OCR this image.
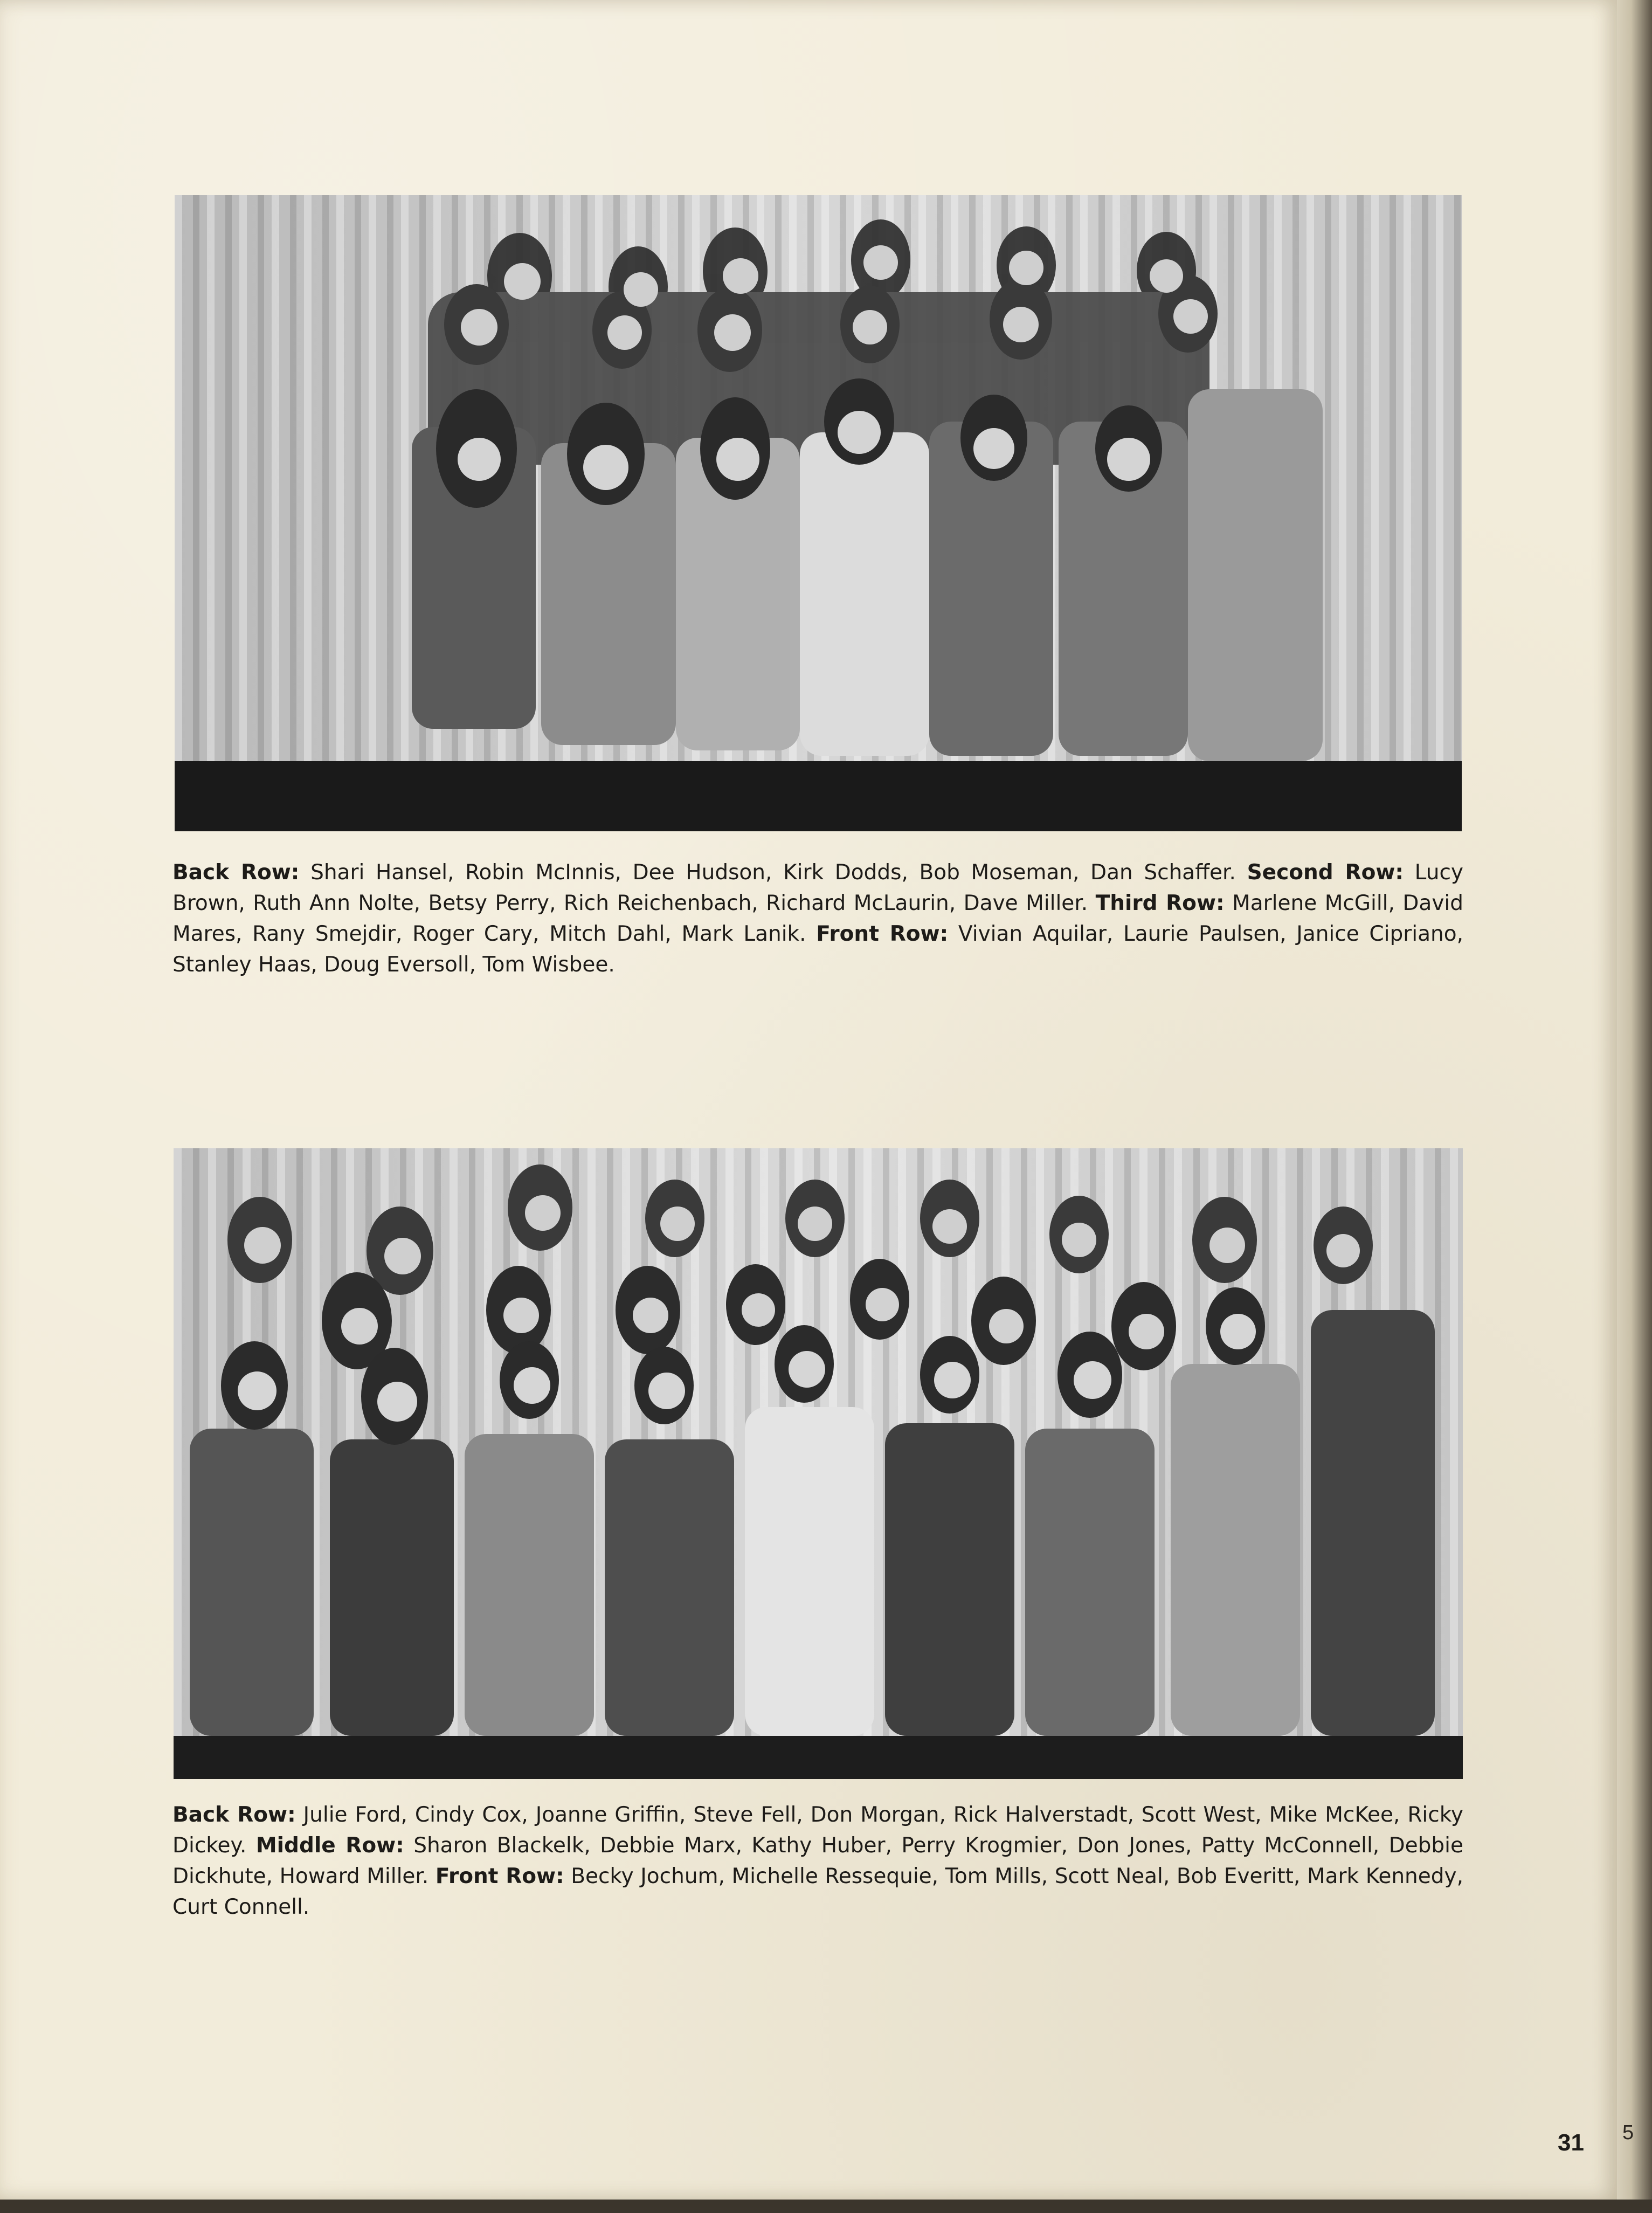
Back Row: Shari Hansel, Robin McInnis, Dee Hudson, Kirk Dodds, Bob Moseman, Dan Schaffer. Second Row: Lucy Brown, Ruth Ann Nolte, Betsy Perry, Rich Reichenbach, Richard McLaurin, Dave Miller. Third Row: Marlene McGill, David Mares, Rany Smejdir, Roger Cary, Mitch Dahl, Mark Lanik. Front Row: Vivian Aquilar, Laurie Paulsen, Janice Cipriano, Stanley Haas, Doug Eversoll, Tom Wisbee.
Back Row: Julie Ford, Cindy Cox, Joanne Griffin, Steve Fell, Don Morgan, Rick Halverstadt, Scott West, Mike McKee, Ricky Dickey. Middle Row: Sharon Blackelk, Debbie Marx, Kathy Huber, Perry Krogmier, Don Jones, Patty McConnell, Debbie Dickhute, Howard Miller. Front Row: Becky Jochum, Michelle Ressequie, Tom Mills, Scott Neal, Bob Everitt, Mark Kennedy, Curt Connell.
31 5
